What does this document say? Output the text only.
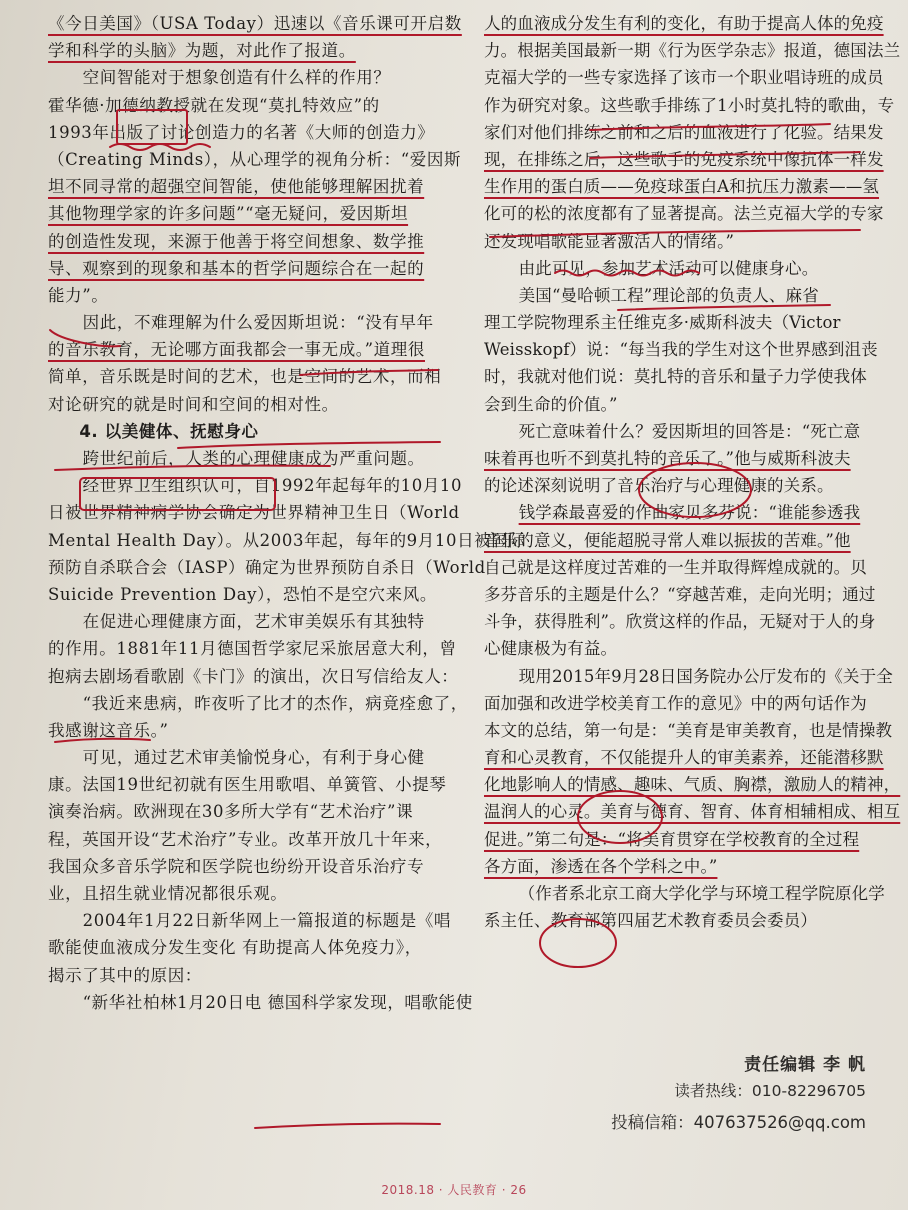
《今日美国》（USA Today）迅速以《音乐课可开启数
学和科学的头脑》为题，对此作了报道。
空间智能对于想象创造有什么样的作用？
霍华德·加德纳教授就在发现“莫扎特效应”的
1993年出版了讨论创造力的名著《大师的创造力》
（Creating Minds），从心理学的视角分析：“爱因斯
坦不同寻常的超强空间智能，使他能够理解困扰着
其他物理学家的许多问题”“毫无疑问，爱因斯坦
的创造性发现，来源于他善于将空间想象、数学推
导、观察到的现象和基本的哲学问题综合在一起的
能力”。
因此，不难理解为什么爱因斯坦说：“没有早年
的音乐教育，无论哪方面我都会一事无成。”道理很
简单，音乐既是时间的艺术，也是空间的艺术，而相
对论研究的就是时间和空间的相对性。
4. 以美健体、抚慰身心
跨世纪前后，人类的心理健康成为严重问题。
经世界卫生组织认可，自1992年起每年的10月10
日被世界精神病学协会确定为世界精神卫生日（World
Mental Health Day）。从2003年起，每年的9月10日被国际
预防自杀联合会（IASP）确定为世界预防自杀日（World
Suicide Prevention Day），恐怕不是空穴来风。
在促进心理健康方面，艺术审美娱乐有其独特
的作用。1881年11月德国哲学家尼采旅居意大利，曾
抱病去剧场看歌剧《卡门》的演出，次日写信给友人：
“我近来患病，昨夜听了比才的杰作，病竟痊愈了，
我感谢这音乐。”
可见，通过艺术审美愉悦身心，有利于身心健
康。法国19世纪初就有医生用歌唱、单簧管、小提琴
演奏治病。欧洲现在30多所大学有“艺术治疗”课
程，英国开设“艺术治疗”专业。改革开放几十年来，
我国众多音乐学院和医学院也纷纷开设音乐治疗专
业，且招生就业情况都很乐观。
2004年1月22日新华网上一篇报道的标题是《唱
歌能使血液成分发生变化 有助提高人体免疫力》，
揭示了其中的原因：
“新华社柏林1月20日电 德国科学家发现，唱歌能使
人的血液成分发生有利的变化，有助于提高人体的免疫
力。根据美国最新一期《行为医学杂志》报道，德国法兰
克福大学的一些专家选择了该市一个职业唱诗班的成员
作为研究对象。这些歌手排练了1小时莫扎特的歌曲，专
家们对他们排练之前和之后的血液进行了化验。结果发
现，在排练之后，这些歌手的免疫系统中像抗体一样发
生作用的蛋白质——免疫球蛋白A和抗压力激素——氢
化可的松的浓度都有了显著提高。法兰克福大学的专家
还发现唱歌能显著激活人的情绪。”
由此可见，参加艺术活动可以健康身心。
美国“曼哈顿工程”理论部的负责人、麻省
理工学院物理系主任维克多·威斯科波夫（Victor
Weisskopf）说：“每当我的学生对这个世界感到沮丧
时，我就对他们说：莫扎特的音乐和量子力学使我体
会到生命的价值。”
死亡意味着什么？爱因斯坦的回答是：“死亡意
味着再也听不到莫扎特的音乐了。”他与威斯科波夫
的论述深刻说明了音乐治疗与心理健康的关系。
钱学森最喜爱的作曲家贝多芬说：“谁能参透我
音乐的意义，便能超脱寻常人难以振拔的苦难。”他
自己就是这样度过苦难的一生并取得辉煌成就的。贝
多芬音乐的主题是什么？“穿越苦难，走向光明；通过
斗争，获得胜利”。欣赏这样的作品，无疑对于人的身
心健康极为有益。
现用2015年9月28日国务院办公厅发布的《关于全
面加强和改进学校美育工作的意见》中的两句话作为
本文的总结，第一句是：“美育是审美教育，也是情操教
育和心灵教育，不仅能提升人的审美素养，还能潜移默
化地影响人的情感、趣味、气质、胸襟，激励人的精神，
温润人的心灵。美育与德育、智育、体育相辅相成、相互
促进。”第二句是：“将美育贯穿在学校教育的全过程
各方面，渗透在各个学科之中。”
（作者系北京工商大学化学与环境工程学院原化学
系主任、教育部第四届艺术教育委员会委员）
责任编辑 李 帆
读者热线：010-82296705
投稿信箱：407637526@qq.com
2018.18 · 人民教育 · 26
